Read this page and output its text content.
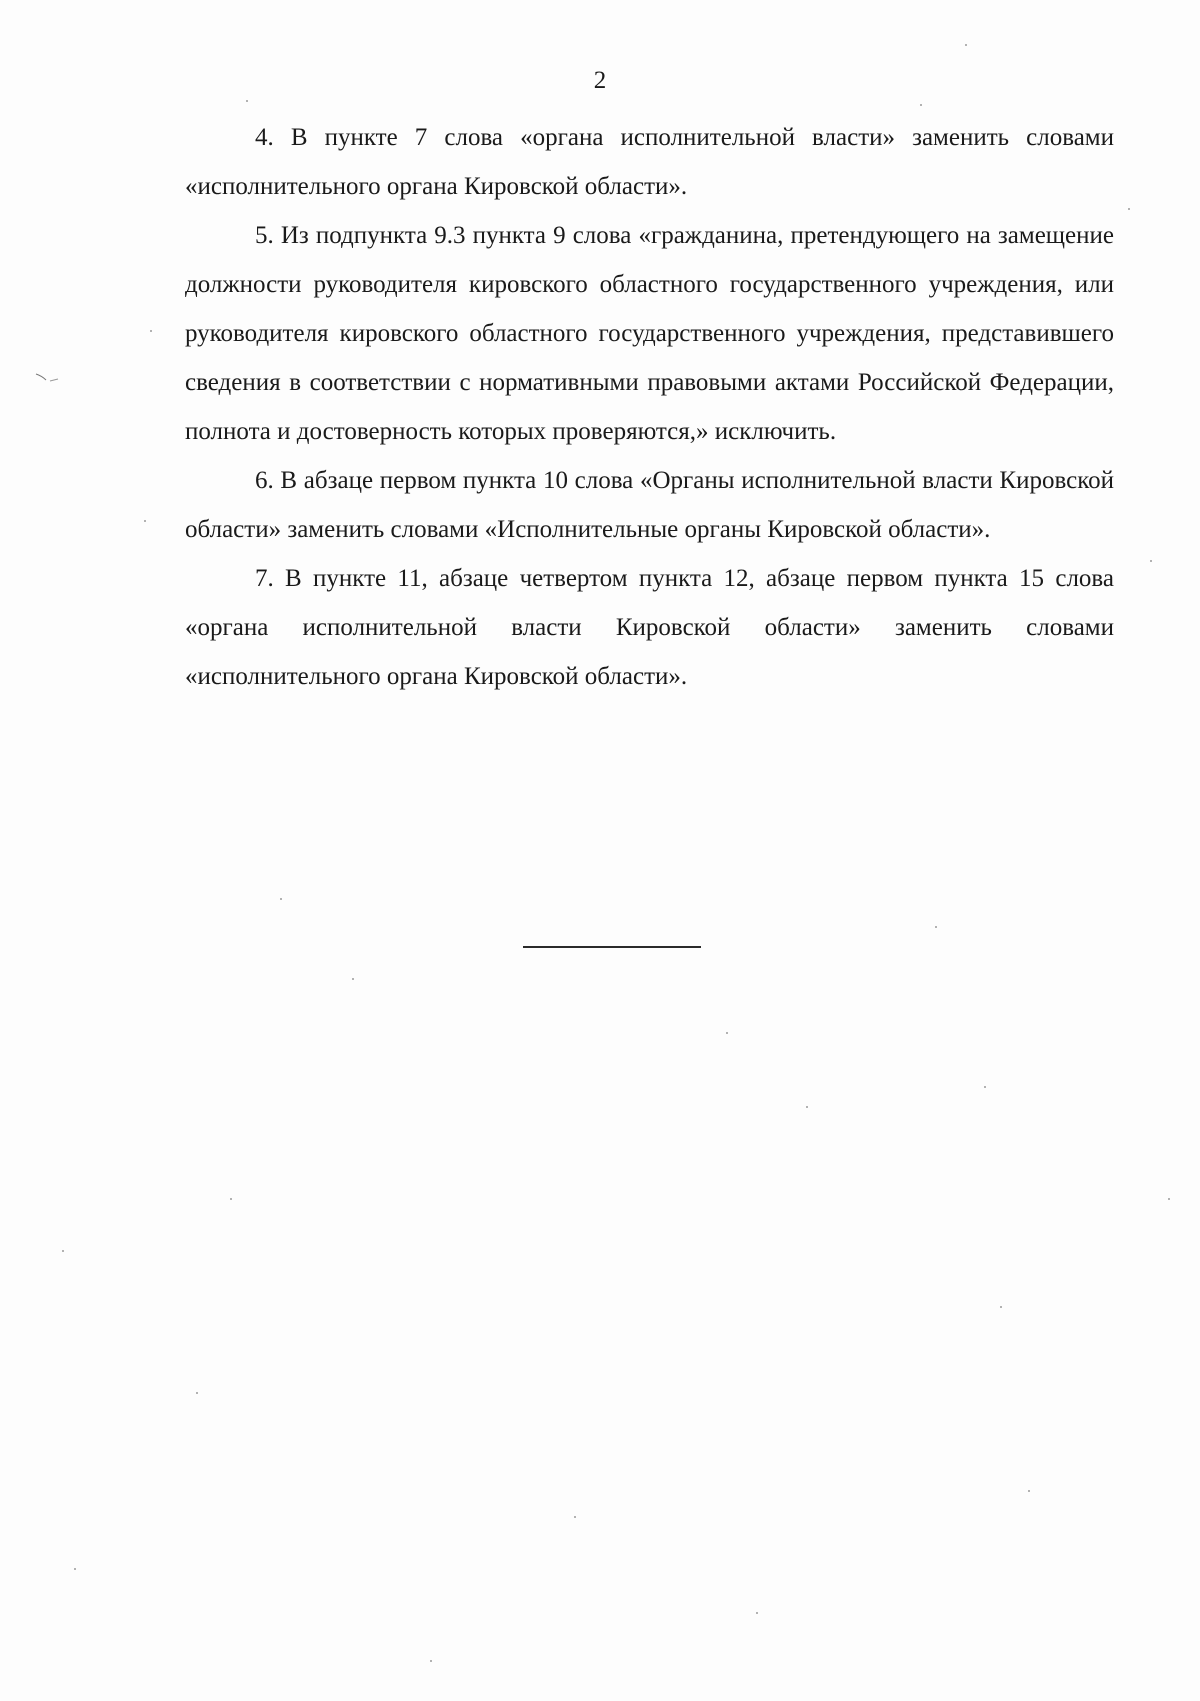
2

4. В пункте 7 слова «органа исполнительной власти» заменить словами «исполнительного органа Кировской области».

5. Из подпункта 9.3 пункта 9 слова «гражданина, претендующего на замещение должности руководителя кировского областного государственного учреждения, или руководителя кировского областного государственного учреждения, представившего сведения в соответствии с нормативными правовыми актами Российской Федерации, полнота и достоверность которых проверяются,» исключить.

6. В абзаце первом пункта 10 слова «Органы исполнительной власти Кировской области» заменить словами «Исполнительные органы Кировской области».

7. В пункте 11, абзаце четвертом пункта 12, абзаце первом пункта 15 слова «органа исполнительной власти Кировской области» заменить словами «исполнительного органа Кировской области».
